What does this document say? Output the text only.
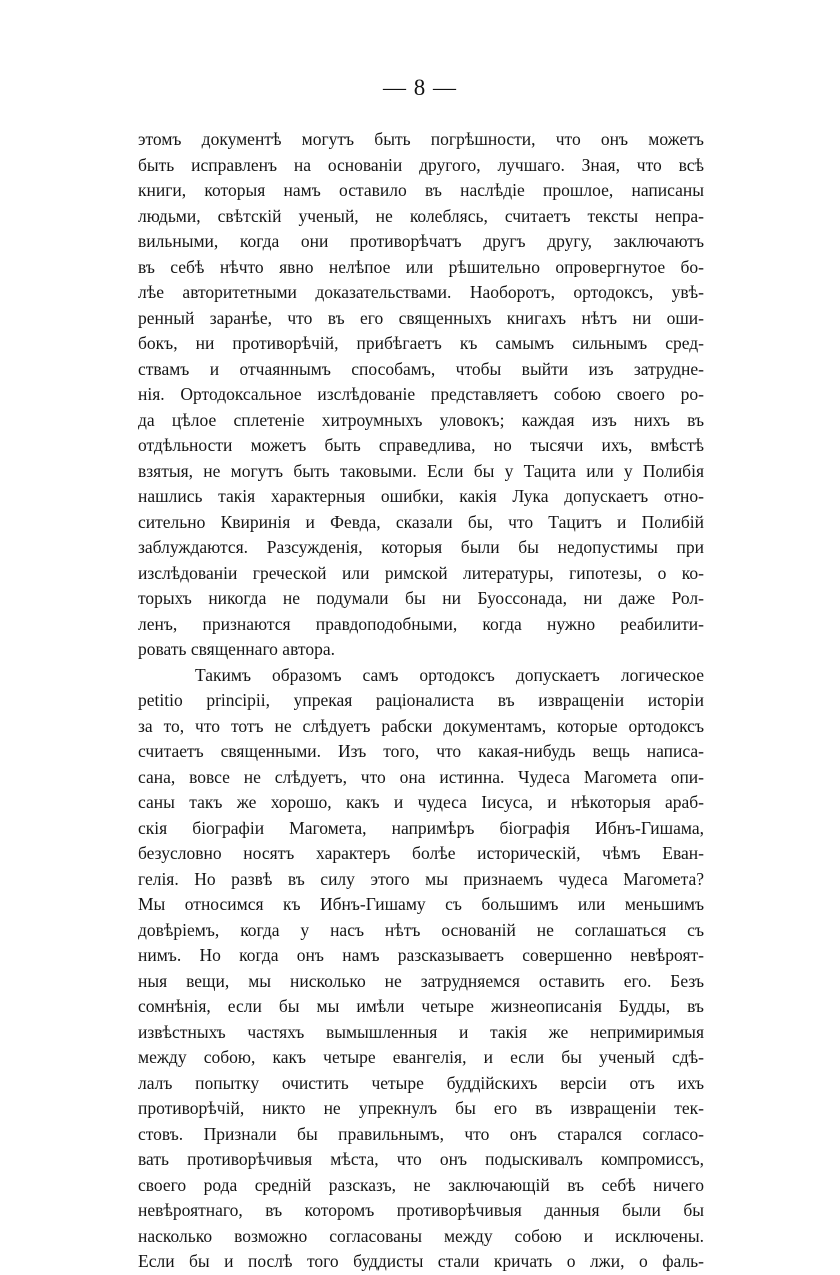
— 8 —
этомъ документѣ могутъ быть погрѣшности, что онъ можетъ
быть исправленъ на основанiи другого, лучшаго. Зная, что всѣ
книги, которыя намъ оставило въ наслѣдiе прошлое, написаны
людьми, свѣтскiй ученый, не колеблясь, считаетъ тексты непра-
вильными, когда они противорѣчатъ другъ другу, заключаютъ
въ себѣ нѣчто явно нелѣпое или рѣшительно опровергнутое бо-
лѣе авторитетными доказательствами. Наоборотъ, ортодоксъ, увѣ-
ренный заранѣе, что въ его священныхъ книгахъ нѣтъ ни оши-
бокъ, ни противорѣчiй, прибѣгаетъ къ самымъ сильнымъ сред-
ствамъ и отчаяннымъ способамъ, чтобы выйти изъ затрудне-
нiя. Ортодоксальное изслѣдованiе представляетъ собою своего ро-
да цѣлое сплетенiе хитроумныхъ уловокъ; каждая изъ нихъ въ
отдѣльности можетъ быть справедлива, но тысячи ихъ, вмѣстѣ
взятыя, не могутъ быть таковыми. Если бы у Тацита или у Полибiя
нашлись такiя характерныя ошибки, какiя Лука допускаетъ отно-
сительно Квиринiя и Февда, сказали бы, что Тацитъ и Полибiй
заблуждаются. Разсужденiя, которыя были бы недопустимы при
изслѣдованiи греческой или римской литературы, гипотезы, о ко-
торыхъ никогда не подумали бы ни Буоссонада, ни даже Рол-
ленъ, признаются правдоподобными, когда нужно реабилити-
ровать священнаго автора.
Такимъ образомъ самъ ортодоксъ допускаетъ логическое
petitio principii, упрекая рацiоналиста въ извращенiи исторiи
за то, что тотъ не слѣдуетъ рабски документамъ, которые ортодоксъ
считаетъ священными. Изъ того, что какая-нибудь вещь написа-
сана, вовсе не слѣдуетъ, что она истинна. Чудеса Магомета опи-
саны такъ же хорошо, какъ и чудеса Iисуса, и нѣкоторыя араб-
скiя бiографiи Магомета, напримѣръ бiографiя Ибнъ-Гишама,
безусловно носятъ характеръ болѣе историческiй, чѣмъ Еван-
гелiя. Но развѣ въ силу этого мы признаемъ чудеса Магомета?
Мы относимся къ Ибнъ-Гишаму съ большимъ или меньшимъ
довѣрiемъ, когда у насъ нѣтъ основанiй не соглашаться съ
нимъ. Но когда онъ намъ разсказываетъ совершенно невѣроят-
ныя вещи, мы нисколько не затрудняемся оставить его. Безъ
сомнѣнiя, если бы мы имѣли четыре жизнеописанiя Будды, въ
извѣстныхъ частяхъ вымышленныя и такiя же непримиримыя
между собою, какъ четыре евангелiя, и если бы ученый сдѣ-
лалъ попытку очистить четыре буддiйскихъ версiи отъ ихъ
противорѣчiй, никто не упрекнулъ бы его въ извращенiи тек-
стовъ. Признали бы правильнымъ, что онъ старался согласо-
вать противорѣчивыя мѣста, что онъ подыскивалъ компромиссъ,
своего рода среднiй разсказъ, не заключающiй въ себѣ ничего
невѣроятнаго, въ которомъ противорѣчивыя данныя были бы
насколько возможно согласованы между собою и исключены.
Если бы и послѣ того буддисты стали кричать о лжи, о фаль-
